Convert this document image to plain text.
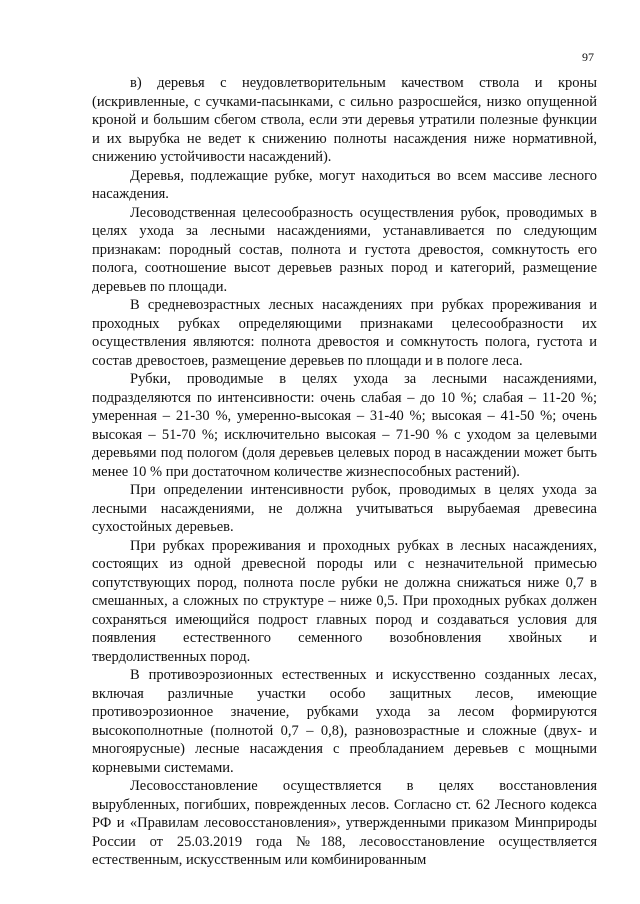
97

в) деревья с неудовлетворительным качеством ствола и кроны (искривленные, с сучками-пасынками, с сильно разросшейся, низко опущенной кроной и большим сбегом ствола, если эти деревья утратили полезные функции и их вырубка не ведет к снижению полноты насаждения ниже нормативной, снижению устойчивости насаждений).

Деревья, подлежащие рубке, могут находиться во всем массиве лесного насаждения.

Лесоводственная целесообразность осуществления рубок, проводимых в целях ухода за лесными насаждениями, устанавливается по следующим признакам: породный состав, полнота и густота древостоя, сомкнутость его полога, соотношение высот деревьев разных пород и категорий, размещение деревьев по площади.

В средневозрастных лесных насаждениях при рубках прореживания и проходных рубках определяющими признаками целесообразности их осуществления являются: полнота древостоя и сомкнутость полога, густота и состав древостоев, размещение деревьев по площади и в пологе леса.

Рубки, проводимые в целях ухода за лесными насаждениями, подразделяются по интенсивности: очень слабая – до 10 %; слабая – 11-20 %; умеренная – 21-30 %, умеренно-высокая – 31-40 %; высокая – 41-50 %; очень высокая – 51-70 %; исключительно высокая – 71-90 % с уходом за целевыми деревьями под пологом (доля деревьев целевых пород в насаждении может быть менее 10 % при достаточном количестве жизнеспособных растений).

При определении интенсивности рубок, проводимых в целях ухода за лесными насаждениями, не должна учитываться вырубаемая древесина сухостойных деревьев.

При рубках прореживания и проходных рубках в лесных насаждениях, состоящих из одной древесной породы или с незначительной примесью сопутствующих пород, полнота после рубки не должна снижаться ниже 0,7 в смешанных, а сложных по структуре – ниже 0,5. При проходных рубках должен сохраняться имеющийся подрост главных пород и создаваться условия для появления естественного семенного возобновления хвойных и твердолиственных пород.

В противоэрозионных естественных и искусственно созданных лесах, включая различные участки особо защитных лесов, имеющие противоэрозионное значение, рубками ухода за лесом формируются высокополнотные (полнотой 0,7 – 0,8), разновозрастные и сложные (двух- и многоярусные) лесные насаждения с преобладанием деревьев с мощными корневыми системами.

Лесовосстановление осуществляется в целях восстановления вырубленных, погибших, поврежденных лесов. Согласно ст. 62 Лесного кодекса РФ и «Правилам лесовосстановления», утвержденными приказом Минприроды России от 25.03.2019 года №188, лесовосстановление осуществляется естественным, искусственным или комбинированным
